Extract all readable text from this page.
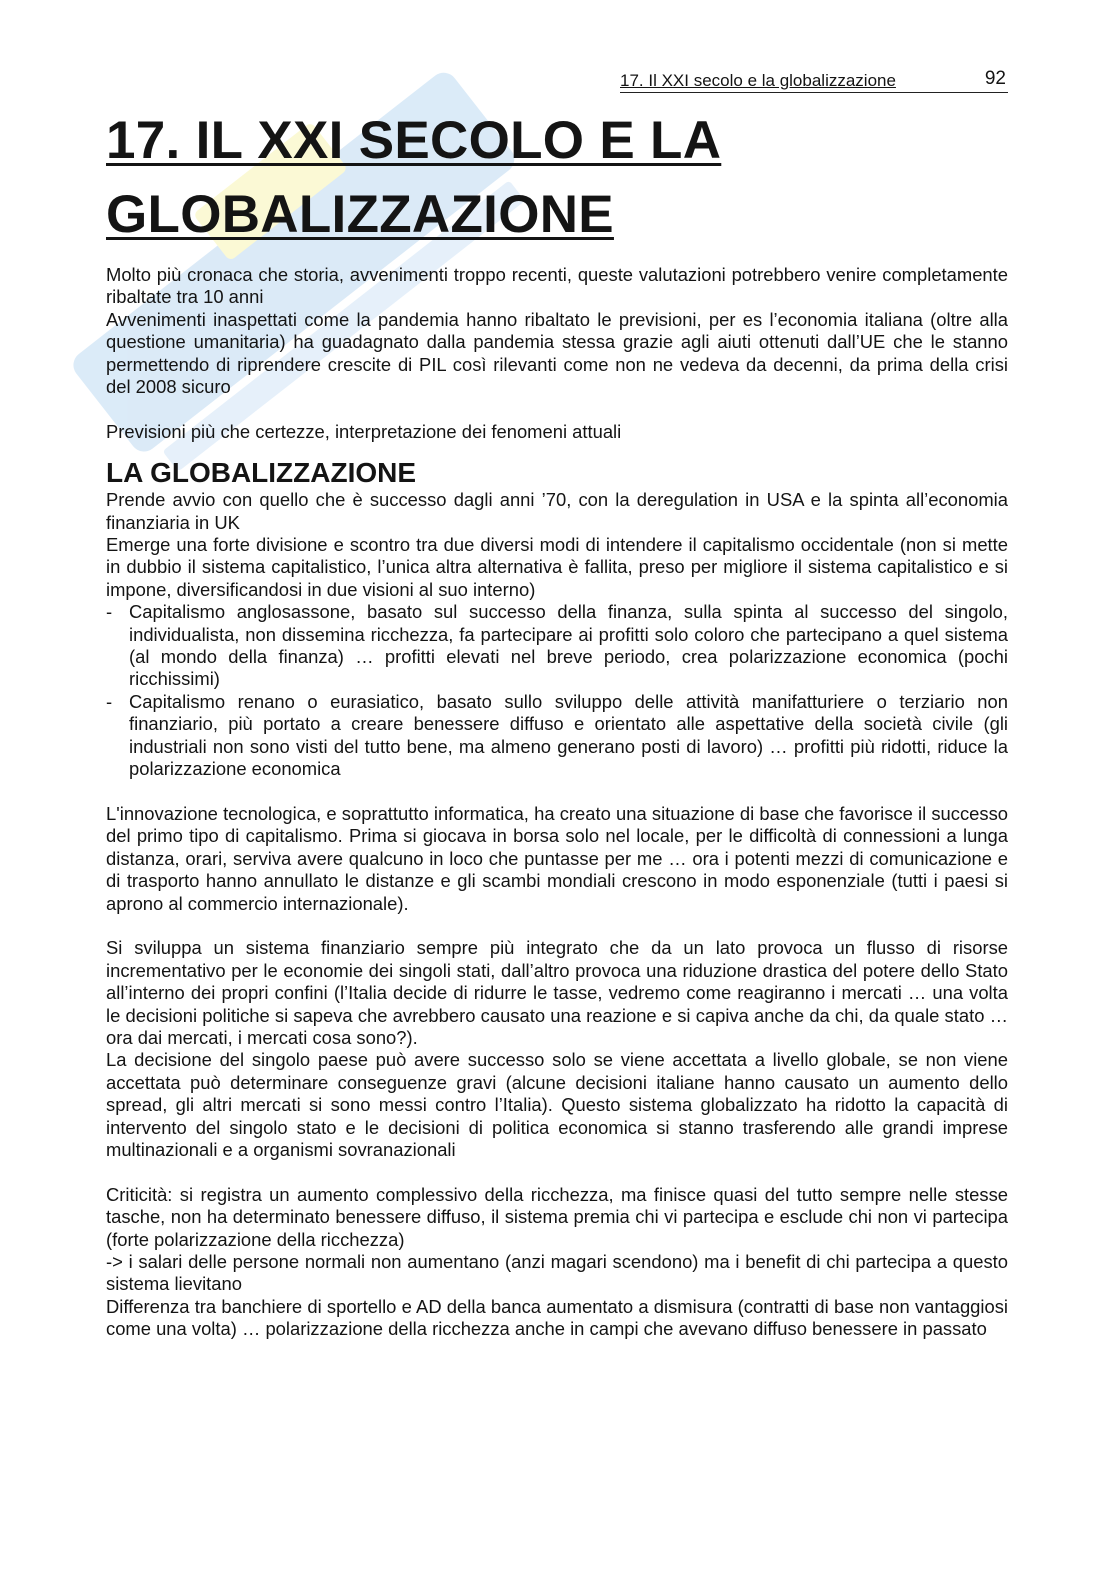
17. Il XXI secolo e la globalizzazione	92
17. IL XXI SECOLO E LA
GLOBALIZZAZIONE

Molto più cronaca che storia, avvenimenti troppo recenti, queste valutazioni potrebbero venire completamente ribaltate tra 10 anni

Avvenimenti inaspettati come la pandemia hanno ribaltato le previsioni, per es l’economia italiana (oltre alla questione umanitaria) ha guadagnato dalla pandemia stessa grazie agli aiuti ottenuti dall’UE che le stanno permettendo di riprendere crescite di PIL così rilevanti come non ne vedeva da decenni, da prima della crisi del 2008 sicuro

Previsioni più che certezze, interpretazione dei fenomeni attuali

LA GLOBALIZZAZIONE

Prende avvio con quello che è successo dagli anni ’70, con la deregulation in USA e la spinta all’economia finanziaria in UK

Emerge una forte divisione e scontro tra due diversi modi di intendere il capitalismo occidentale (non si mette in dubbio il sistema capitalistico, l’unica altra alternativa è fallita, preso per migliore il sistema capitalistico e si impone, diversificandosi in due visioni al suo interno)

- Capitalismo anglosassone, basato sul successo della finanza, sulla spinta al successo del singolo, individualista, non dissemina ricchezza, fa partecipare ai profitti solo coloro che partecipano a quel sistema (al mondo della finanza) … profitti elevati nel breve periodo, crea polarizzazione economica (pochi ricchissimi)
- Capitalismo renano o eurasiatico, basato sullo sviluppo delle attività manifatturiere o terziario non finanziario, più portato a creare benessere diffuso e orientato alle aspettative della società civile (gli industriali non sono visti del tutto bene, ma almeno generano posti di lavoro) … profitti più ridotti, riduce la polarizzazione economica

L'innovazione tecnologica, e soprattutto informatica, ha creato una situazione di base che favorisce il successo del primo tipo di capitalismo. Prima si giocava in borsa solo nel locale, per le difficoltà di connessioni a lunga distanza, orari, serviva avere qualcuno in loco che puntasse per me … ora i potenti mezzi di comunicazione e di trasporto hanno annullato le distanze e gli scambi mondiali crescono in modo esponenziale (tutti i paesi si aprono al commercio internazionale).

Si sviluppa un sistema finanziario sempre più integrato che da un lato provoca un flusso di risorse incrementativo per le economie dei singoli stati, dall’altro provoca una riduzione drastica del potere dello Stato all’interno dei propri confini (l’Italia decide di ridurre le tasse, vedremo come reagiranno i mercati … una volta le decisioni politiche si sapeva che avrebbero causato una reazione e si capiva anche da chi, da quale stato … ora dai mercati, i mercati cosa sono?).

La decisione del singolo paese può avere successo solo se viene accettata a livello globale, se non viene accettata può determinare conseguenze gravi (alcune decisioni italiane hanno causato un aumento dello spread, gli altri mercati si sono messi contro l’Italia). Questo sistema globalizzato ha ridotto la capacità di intervento del singolo stato e le decisioni di politica economica si stanno trasferendo alle grandi imprese multinazionali e a organismi sovranazionali

Criticità: si registra un aumento complessivo della ricchezza, ma finisce quasi del tutto sempre nelle stesse tasche, non ha determinato benessere diffuso, il sistema premia chi vi partecipa e esclude chi non vi partecipa (forte polarizzazione della ricchezza)

-> i salari delle persone normali non aumentano (anzi magari scendono) ma i benefit di chi partecipa a questo sistema lievitano

Differenza tra banchiere di sportello e AD della banca aumentato a dismisura (contratti di base non vantaggiosi come una volta) … polarizzazione della ricchezza anche in campi che avevano diffuso benessere in passato
